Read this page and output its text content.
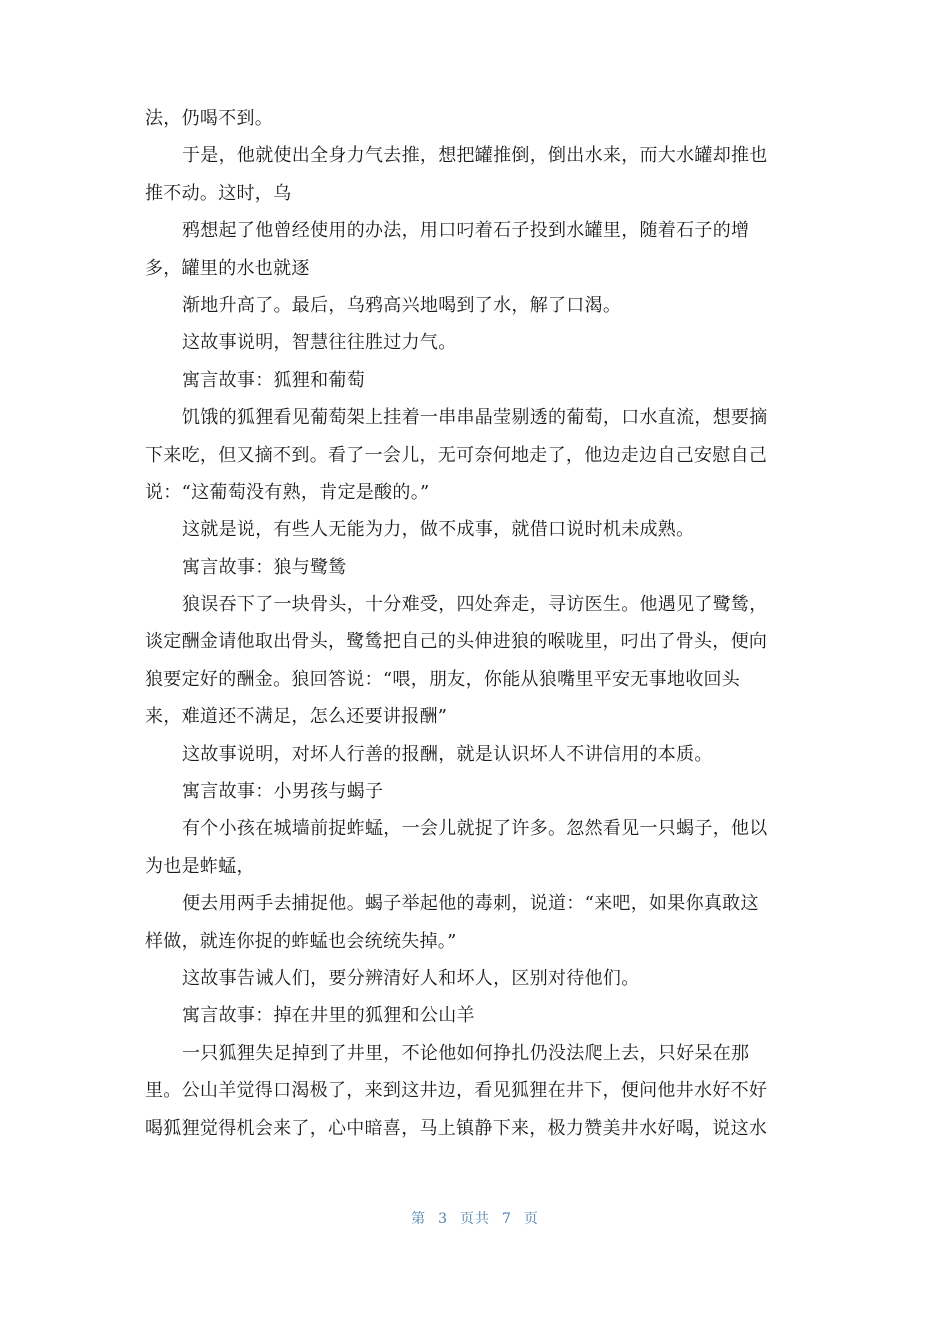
法，仍喝不到。
于是，他就使出全身力气去推，想把罐推倒，倒出水来，而大水罐却推也
推不动。这时，乌
鸦想起了他曾经使用的办法，用口叼着石子投到水罐里，随着石子的增
多，罐里的水也就逐
渐地升高了。最后，乌鸦高兴地喝到了水，解了口渴。
这故事说明，智慧往往胜过力气。
寓言故事：狐狸和葡萄
饥饿的狐狸看见葡萄架上挂着一串串晶莹剔透的葡萄，口水直流，想要摘
下来吃，但又摘不到。看了一会儿，无可奈何地走了，他边走边自己安慰自己
说：“这葡萄没有熟，肯定是酸的。”
这就是说，有些人无能为力，做不成事，就借口说时机未成熟。
寓言故事：狼与鹭鸶
狼误吞下了一块骨头，十分难受，四处奔走，寻访医生。他遇见了鹭鸶，
谈定酬金请他取出骨头，鹭鸶把自己的头伸进狼的喉咙里，叼出了骨头，便向
狼要定好的酬金。狼回答说：“喂，朋友，你能从狼嘴里平安无事地收回头
来，难道还不满足，怎么还要讲报酬”
这故事说明，对坏人行善的报酬，就是认识坏人不讲信用的本质。
寓言故事：小男孩与蝎子
有个小孩在城墙前捉蚱蜢，一会儿就捉了许多。忽然看见一只蝎子，他以
为也是蚱蜢，
便去用两手去捕捉他。蝎子举起他的毒刺，说道：“来吧，如果你真敢这
样做，就连你捉的蚱蜢也会统统失掉。”
这故事告诫人们，要分辨清好人和坏人，区别对待他们。
寓言故事：掉在井里的狐狸和公山羊
一只狐狸失足掉到了井里，不论他如何挣扎仍没法爬上去，只好呆在那
里。公山羊觉得口渴极了，来到这井边，看见狐狸在井下，便问他井水好不好
喝狐狸觉得机会来了，心中暗喜，马上镇静下来，极力赞美井水好喝，说这水
第 3 页共 7 页
